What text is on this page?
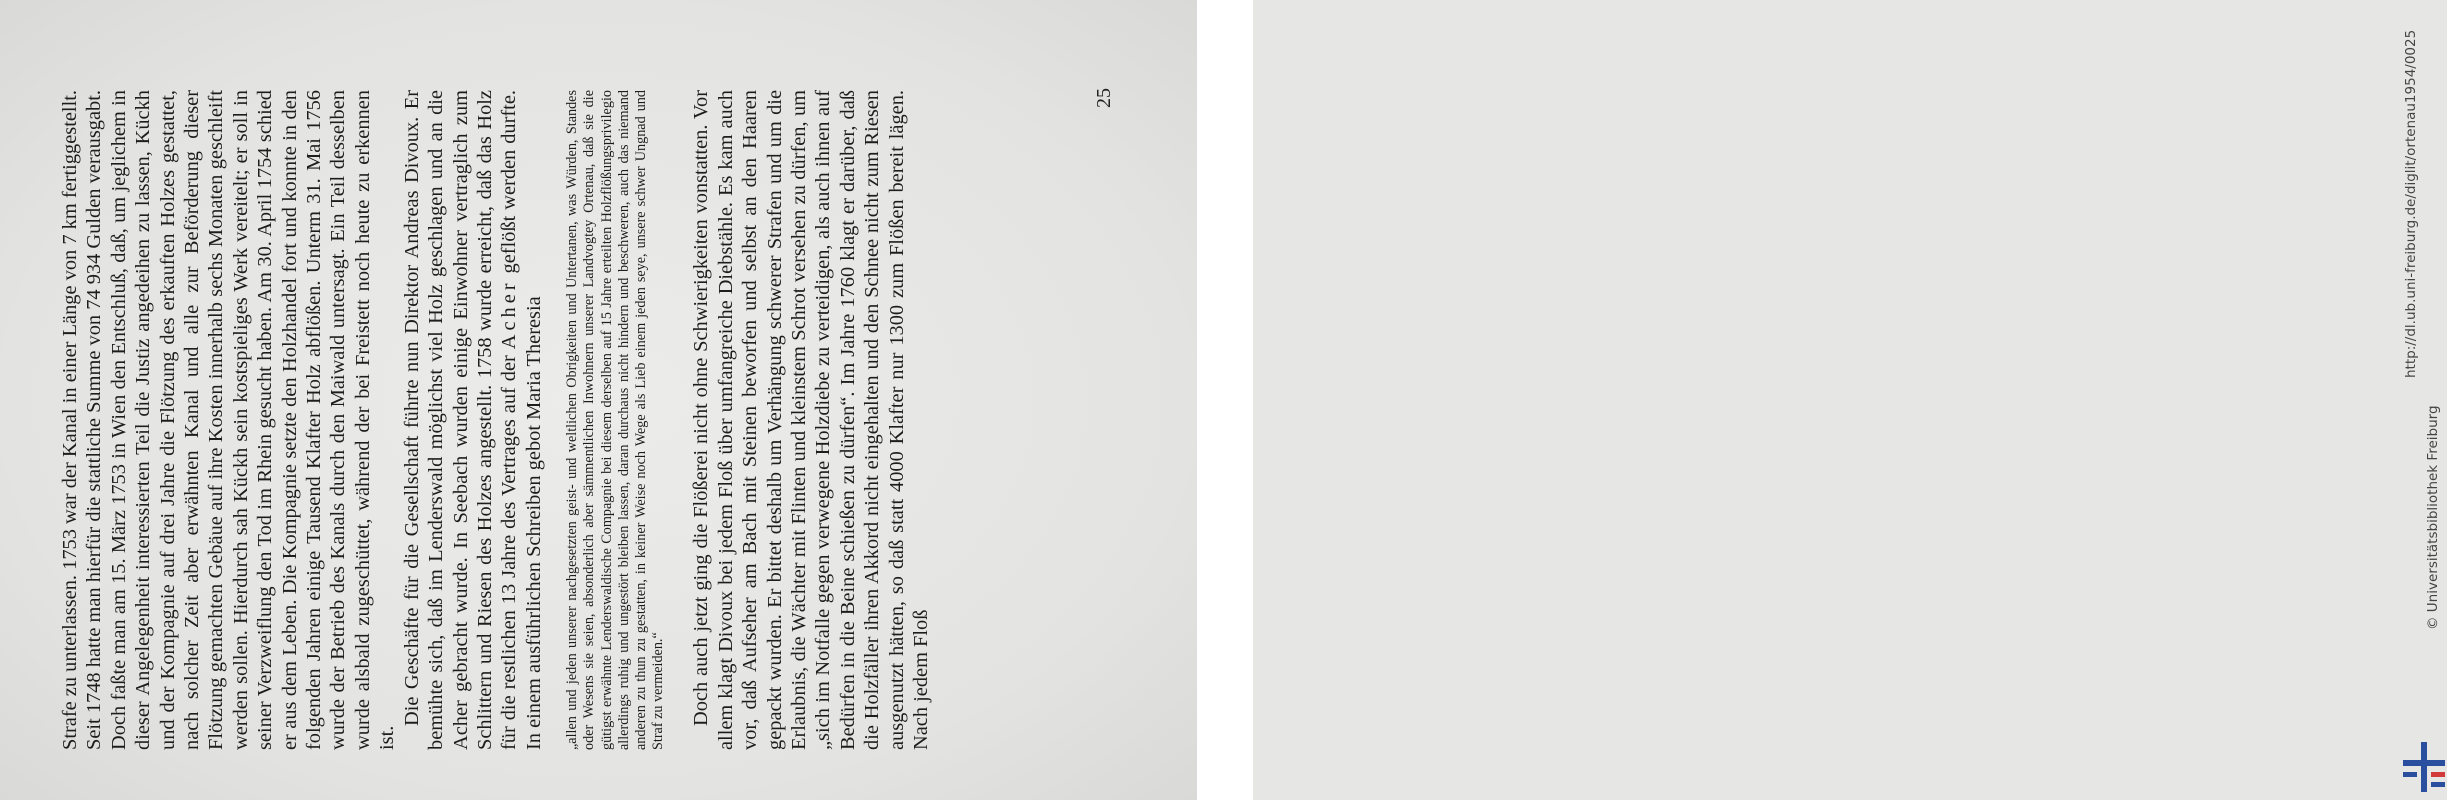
Strafe zu unterlassen. 1753 war der Kanal in einer Länge von 7 km fertiggestellt. Seit 1748 hatte man hierfür die stattliche Summe von 74 934 Gulden verausgabt. Doch faßte man am 15. März 1753 in Wien den Entschluß, daß, um jeglichem in dieser Angelegenheit interessierten Teil die Justiz angedeihen zu lassen, Kückh und der Kompagnie auf drei Jahre die Flötzung des erkauften Holzes gestattet, nach solcher Zeit aber erwähnten Kanal und alle zur Beförderung dieser Flötzung gemachten Gebäue auf ihre Kosten innerhalb sechs Monaten geschleift werden sollen. Hierdurch sah Kückh sein kostspieliges Werk vereitelt; er soll in seiner Verzweiflung den Tod im Rhein gesucht haben. Am 30. April 1754 schied er aus dem Leben. Die Kompagnie setzte den Holzhandel fort und konnte in den folgenden Jahren einige Tausend Klafter Holz abflößen. Unterm 31. Mai 1756 wurde der Betrieb des Kanals durch den Maiwald untersagt. Ein Teil desselben wurde alsbald zugeschüttet, während der bei Freistett noch heute zu erkennen ist.

Die Geschäfte für die Gesellschaft führte nun Direktor Andreas Divoux. Er bemühte sich, daß im Lenderswald möglichst viel Holz geschlagen und an die Acher gebracht wurde. In Seebach wurden einige Einwohner vertraglich zum Schlittern und Riesen des Holzes angestellt. 1758 wurde erreicht, daß das Holz für die restlichen 13 Jahre des Vertrages auf der Acher geflößt werden durfte. In einem ausführlichen Schreiben gebot Maria Theresia „allen und jeden unserer nachgesetzten geist- und weltlichen Obrigkeiten und Untertanen, was Würden, Standes oder Wesens sie seien, absonderlich aber sämmentlichen Inwohnern unserer Landvogtey Ortenau, daß sie die gütigst erwähnte Lenderswaldische Compagnie bei diesem derselben auf 15 Jahre erteilten Holzflößungsprivilegio allerdings ruhig und ungestört bleiben lassen, daran durchaus nicht hindern und beschweren, auch das niemand anderen zu thun zu gestatten, in keiner Weise noch Wege als Lieb einem jeden seye, unsere schwer Ungnad und Straf zu vermeiden.“ Doch auch jetzt ging die Flößerei nicht ohne Schwierigkeiten vonstatten. Vor allem klagt Divoux bei jedem Floß über umfangreiche Diebstähle. Es kam auch vor, daß Aufseher am Bach mit Steinen beworfen und selbst an den Haaren gepackt wurden. Er bittet deshalb um Verhängung schwerer Strafen und um die Erlaubnis, die Wächter mit Flinten und kleinstem Schrot versehen zu dürfen, um „sich im Notfalle gegen verwegene Holzdiebe zu verteidigen, als auch ihnen auf Bedürfen in die Beine schießen zu dürfen“. Im Jahre 1760 klagt er darüber, daß die Holzfäller ihren Akkord nicht eingehalten und den Schnee nicht zum Riesen ausgenutzt hätten, so daß statt 4000 Klafter nur 1300 zum Flößen bereit lägen. Nach jedem Floß

25	http://dl.ub.uni-freiburg.de/diglit/ortenau1954/0025
© Universitätsbibliothek Freiburg
